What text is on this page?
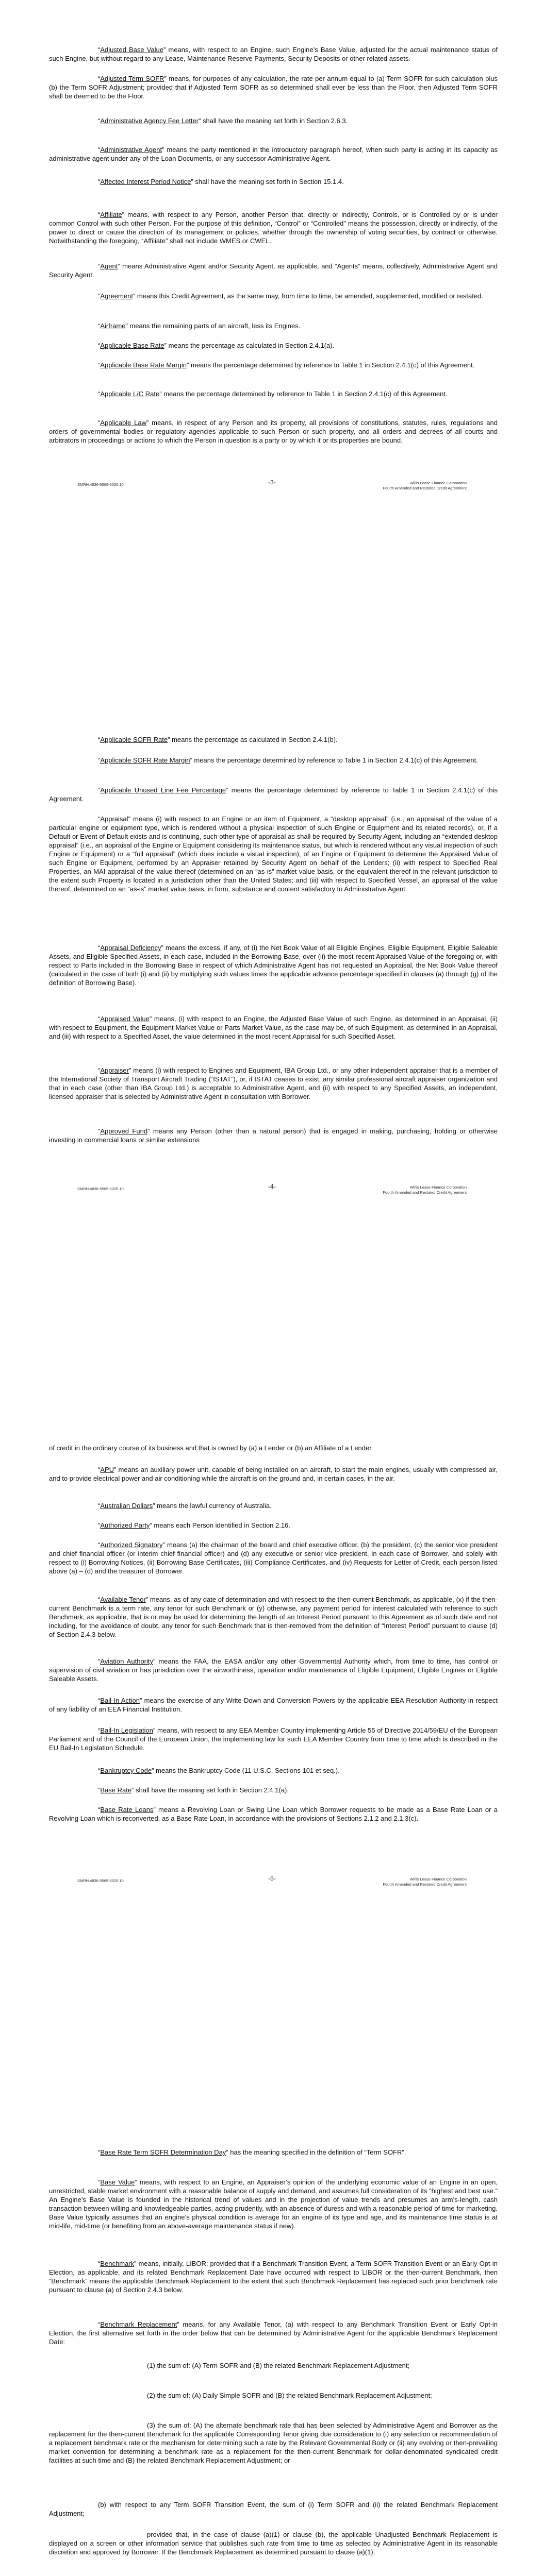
“Adjusted Base Value” means, with respect to an Engine, such Engine’s Base Value, adjusted for the actual maintenance status of such Engine, but without regard to any Lease, Maintenance Reserve Payments, Security Deposits or other related assets.

“Adjusted Term SOFR” means, for purposes of any calculation, the rate per annum equal to (a) Term SOFR for such calculation plus (b) the Term SOFR Adjustment; provided that if Adjusted Term SOFR as so determined shall ever be less than the Floor, then Adjusted Term SOFR shall be deemed to be the Floor.

“Administrative Agency Fee Letter” shall have the meaning set forth in Section 2.6.3.

“Administrative Agent” means the party mentioned in the introductory paragraph hereof, when such party is acting in its capacity as administrative agent under any of the Loan Documents, or any successor Administrative Agent.

“Affected Interest Period Notice” shall have the meaning set forth in Section 15.1.4.

“Affiliate” means, with respect to any Person, another Person that, directly or indirectly, Controls, or is Controlled by or is under common Control with such other Person. For the purpose of this definition, “Control” or “Controlled” means the possession, directly or indirectly, of the power to direct or cause the direction of its management or policies, whether through the ownership of voting securities, by contract or otherwise. Notwithstanding the foregoing, “Affiliate” shall not include WMES or CWEL.

“Agent” means Administrative Agent and/or Security Agent, as applicable, and “Agents” means, collectively, Administrative Agent and Security Agent.

“Agreement” means this Credit Agreement, as the same may, from time to time, be amended, supplemented, modified or restated.

“Airframe” means the remaining parts of an aircraft, less its Engines.

“Applicable Base Rate” means the percentage as calculated in Section 2.4.1(a).

“Applicable Base Rate Margin” means the percentage determined by reference to Table 1 in Section 2.4.1(c) of this Agreement.

“Applicable L/C Rate” means the percentage determined by reference to Table 1 in Section 2.4.1(c) of this Agreement.

“Applicable Law” means, in respect of any Person and its property, all provisions of constitutions, statutes, rules, regulations and orders of governmental bodies or regulatory agencies applicable to such Person or such property, and all orders and decrees of all courts and arbitrators in proceedings or actions to which the Person in question is a party or by which it or its properties are bound.

SMRH:4836-5569-6025.10	-3-	Willis Lease Finance Corporation
Fourth Amended and Restated Credit Agreement

“Applicable SOFR Rate” means the percentage as calculated in Section 2.4.1(b).

“Applicable SOFR Rate Margin” means the percentage determined by reference to Table 1 in Section 2.4.1(c) of this Agreement.

“Applicable Unused Line Fee Percentage” means the percentage determined by reference to Table 1 in Section 2.4.1(c) of this Agreement.

“Appraisal” means (i) with respect to an Engine or an item of Equipment, a “desktop appraisal” (i.e., an appraisal of the value of a particular engine or equipment type, which is rendered without a physical inspection of such Engine or Equipment and its related records), or, if a Default or Event of Default exists and is continuing, such other type of appraisal as shall be required by Security Agent, including an “extended desktop appraisal” (i.e., an appraisal of the Engine or Equipment considering its maintenance status, but which is rendered without any visual inspection of such Engine or Equipment) or a “full appraisal” (which does include a visual inspection), of an Engine or Equipment to determine the Appraised Value of such Engine or Equipment, performed by an Appraiser retained by Security Agent on behalf of the Lenders; (ii) with respect to Specified Real Properties, an MAI appraisal of the value thereof (determined on an “as-is” market value basis, or the equivalent thereof in the relevant jurisdiction to the extent such Property is located in a jurisdiction other than the United States; and (iii) with respect to Specified Vessel, an appraisal of the value thereof, determined on an “as-is” market value basis, in form, substance and content satisfactory to Administrative Agent.

“Appraisal Deficiency” means the excess, if any, of (i) the Net Book Value of all Eligible Engines, Eligible Equipment, Eligible Saleable Assets, and Eligible Specified Assets, in each case, included in the Borrowing Base, over (ii) the most recent Appraised Value of the foregoing or, with respect to Parts included in the Borrowing Base in respect of which Administrative Agent has not requested an Appraisal, the Net Book Value thereof (calculated in the case of both (i) and (ii) by multiplying such values times the applicable advance percentage specified in clauses (a) through (g) of the definition of Borrowing Base).

“Appraised Value” means, (i) with respect to an Engine, the Adjusted Base Value of such Engine, as determined in an Appraisal, (ii) with respect to Equipment, the Equipment Market Value or Parts Market Value, as the case may be, of such Equipment, as determined in an Appraisal, and (iii) with respect to a Specified Asset, the value determined in the most recent Appraisal for such Specified Asset.

“Appraiser” means (i) with respect to Engines and Equipment, IBA Group Ltd., or any other independent appraiser that is a member of the International Society of Transport Aircraft Trading (“ISTAT”), or, if ISTAT ceases to exist, any similar professional aircraft appraiser organization and that in each case (other than IBA Group Ltd.) is acceptable to Administrative Agent, and (ii) with respect to any Specified Assets, an independent, licensed appraiser that is selected by Administrative Agent in consultation with Borrower.

“Approved Fund” means any Person (other than a natural person) that is engaged in making, purchasing, holding or otherwise investing in commercial loans or similar extensions

SMRH:4836-5569-6025.10	-4-	Willis Lease Finance Corporation
Fourth Amended and Restated Credit Agreement

of credit in the ordinary course of its business and that is owned by (a) a Lender or (b) an Affiliate of a Lender.

“APU” means an auxiliary power unit, capable of being installed on an aircraft, to start the main engines, usually with compressed air, and to provide electrical power and air conditioning while the aircraft is on the ground and, in certain cases, in the air.

“Australian Dollars” means the lawful currency of Australia.

“Authorized Party” means each Person identified in Section 2.16.

“Authorized Signatory” means (a) the chairman of the board and chief executive officer, (b) the president, (c) the senior vice president and chief financial officer (or interim chief financial officer) and (d) any executive or senior vice president, in each case of Borrower, and solely with respect to (i) Borrowing Notices, (ii) Borrowing Base Certificates, (iii) Compliance Certificates, and (iv) Requests for Letter of Credit, each person listed above (a) – (d) and the treasurer of Borrower.

“Available Tenor” means, as of any date of determination and with respect to the then-current Benchmark, as applicable, (x) if the then-current Benchmark is a term rate, any tenor for such Benchmark or (y) otherwise, any payment period for interest calculated with reference to such Benchmark, as applicable, that is or may be used for determining the length of an Interest Period pursuant to this Agreement as of such date and not including, for the avoidance of doubt, any tenor for such Benchmark that is then-removed from the definition of “Interest Period” pursuant to clause (d) of Section 2.4.3 below.

“Aviation Authority” means the FAA, the EASA and/or any other Governmental Authority which, from time to time, has control or supervision of civil aviation or has jurisdiction over the airworthiness, operation and/or maintenance of Eligible Equipment, Eligible Engines or Eligible Saleable Assets.

“Bail-In Action” means the exercise of any Write-Down and Conversion Powers by the applicable EEA Resolution Authority in respect of any liability of an EEA Financial Institution.

“Bail-In Legislation” means, with respect to any EEA Member Country implementing Article 55 of Directive 2014/59/EU of the European Parliament and of the Council of the European Union, the implementing law for such EEA Member Country from time to time which is described in the EU Bail-In Legislation Schedule.

“Bankruptcy Code” means the Bankruptcy Code (11 U.S.C. Sections 101 et seq.).

“Base Rate” shall have the meaning set forth in Section 2.4.1(a).

“Base Rate Loans” means a Revolving Loan or Swing Line Loan which Borrower requests to be made as a Base Rate Loan or a Revolving Loan which is reconverted, as a Base Rate Loan, in accordance with the provisions of Sections 2.1.2 and 2.1.3(c).

SMRH:4836-5569-6025.10	-5-	Willis Lease Finance Corporation
Fourth Amended and Restated Credit Agreement

“Base Rate Term SOFR Determination Day” has the meaning specified in the definition of “Term SOFR”.

“Base Value” means, with respect to an Engine, an Appraiser’s opinion of the underlying economic value of an Engine in an open, unrestricted, stable market environment with a reasonable balance of supply and demand, and assumes full consideration of its “highest and best use.” An Engine’s Base Value is founded in the historical trend of values and in the projection of value trends and presumes an arm’s-length, cash transaction between willing and knowledgeable parties, acting prudently, with an absence of duress and with a reasonable period of time for marketing. Base Value typically assumes that an engine’s physical condition is average for an engine of its type and age, and its maintenance time status is at mid-life, mid-time (or benefiting from an above-average maintenance status if new).

“Benchmark” means, initially, LIBOR; provided that if a Benchmark Transition Event, a Term SOFR Transition Event or an Early Opt-in Election, as applicable, and its related Benchmark Replacement Date have occurred with respect to LIBOR or the then-current Benchmark, then “Benchmark” means the applicable Benchmark Replacement to the extent that such Benchmark Replacement has replaced such prior benchmark rate pursuant to clause (a) of Section 2.4.3 below.

“Benchmark Replacement” means, for any Available Tenor, (a) with respect to any Benchmark Transition Event or Early Opt-in Election, the first alternative set forth in the order below that can be determined by Administrative Agent for the applicable Benchmark Replacement Date:

(1) the sum of: (A) Term SOFR and (B) the related Benchmark Replacement Adjustment;

(2) the sum of: (A) Daily Simple SOFR and (B) the related Benchmark Replacement Adjustment;

(3) the sum of: (A) the alternate benchmark rate that has been selected by Administrative Agent and Borrower as the replacement for the then-current Benchmark for the applicable Corresponding Tenor giving due consideration to (i) any selection or recommendation of a replacement benchmark rate or the mechanism for determining such a rate by the Relevant Governmental Body or (ii) any evolving or then-prevailing market convention for determining a benchmark rate as a replacement for the then-current Benchmark for dollar-denominated syndicated credit facilities at such time and (B) the related Benchmark Replacement Adjustment; or

(b) with respect to any Term SOFR Transition Event, the sum of (i) Term SOFR and (ii) the related Benchmark Replacement Adjustment;

provided that, in the case of clause (a)(1) or clause (b), the applicable Unadjusted Benchmark Replacement is displayed on a screen or other information service that publishes such rate from time to time as selected by Administrative Agent in its reasonable discretion and approved by Borrower. If the Benchmark Replacement as determined pursuant to clause (a)(1),
